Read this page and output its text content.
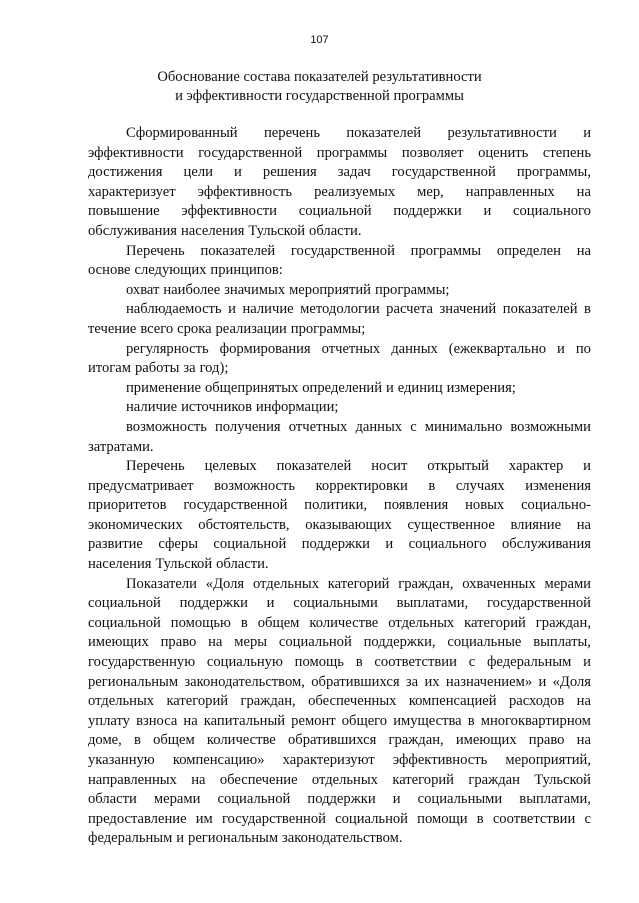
107
Обоснование состава показателей результативности
и эффективности государственной программы
Сформированный перечень показателей результативности и
эффективности государственной программы позволяет оценить степень
достижения цели и решения задач государственной программы,
характеризует эффективность реализуемых мер, направленных на
повышение эффективности социальной поддержки и социального
обслуживания населения Тульской области.
Перечень показателей государственной программы определен на
основе следующих принципов:
охват наиболее значимых мероприятий программы;
наблюдаемость и наличие методологии расчета значений показателей в
течение всего срока реализации программы;
регулярность формирования отчетных данных (ежеквартально и по
итогам работы за год);
применение общепринятых определений и единиц измерения;
наличие источников информации;
возможность получения отчетных данных с минимально возможными
затратами.
Перечень целевых показателей носит открытый характер и
предусматривает возможность корректировки в случаях изменения
приоритетов государственной политики, появления новых социально-
экономических обстоятельств, оказывающих существенное влияние на
развитие сферы социальной поддержки и социального обслуживания
населения Тульской области.
Показатели «Доля отдельных категорий граждан, охваченных мерами
социальной поддержки и социальными выплатами, государственной
социальной помощью в общем количестве отдельных категорий граждан,
имеющих право на меры социальной поддержки, социальные выплаты,
государственную социальную помощь в соответствии с федеральным и
региональным законодательством, обратившихся за их назначением» и «Доля
отдельных категорий граждан, обеспеченных компенсацией расходов на
уплату взноса на капитальный ремонт общего имущества в многоквартирном
доме, в общем количестве обратившихся граждан, имеющих право на
указанную компенсацию» характеризуют эффективность мероприятий,
направленных на обеспечение отдельных категорий граждан Тульской
области мерами социальной поддержки и социальными выплатами,
предоставление им государственной социальной помощи в соответствии с
федеральным и региональным законодательством.
